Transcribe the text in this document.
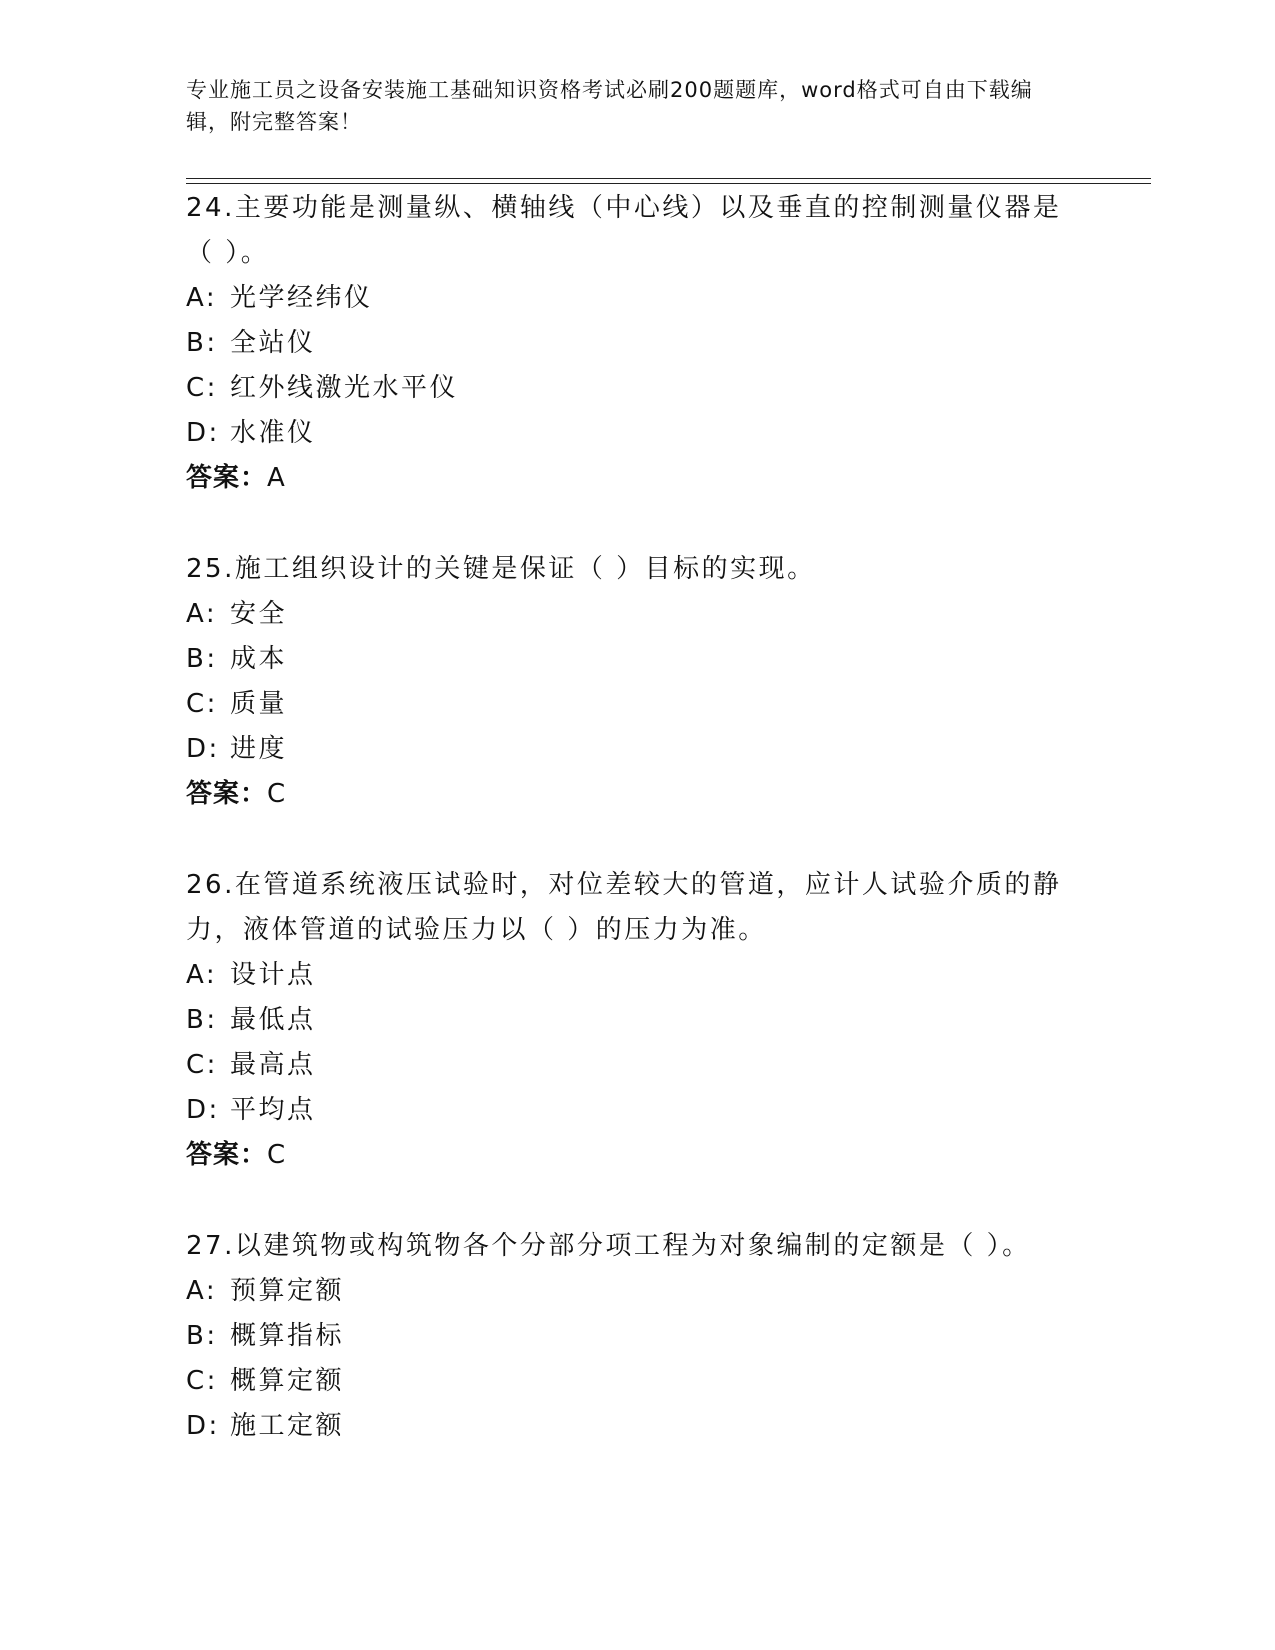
专业施工员之设备安装施工基础知识资格考试必刷200题题库，word格式可自由下载编辑，附完整答案！

24.主要功能是测量纵、横轴线（中心线）以及垂直的控制测量仪器是（ ）。

A: 光学经纬仪
B: 全站仪
C: 红外线激光水平仪
D: 水准仪

答案：A

25.施工组织设计的关键是保证（ ）目标的实现。

A: 安全
B: 成本
C: 质量
D: 进度

答案：C

26.在管道系统液压试验时，对位差较大的管道，应计人试验介质的静力，液体管道的试验压力以（ ）的压力为准。

A: 设计点
B: 最低点
C: 最高点
D: 平均点

答案：C

27.以建筑物或构筑物各个分部分项工程为对象编制的定额是（ ）。

A: 预算定额
B: 概算指标
C: 概算定额
D: 施工定额
